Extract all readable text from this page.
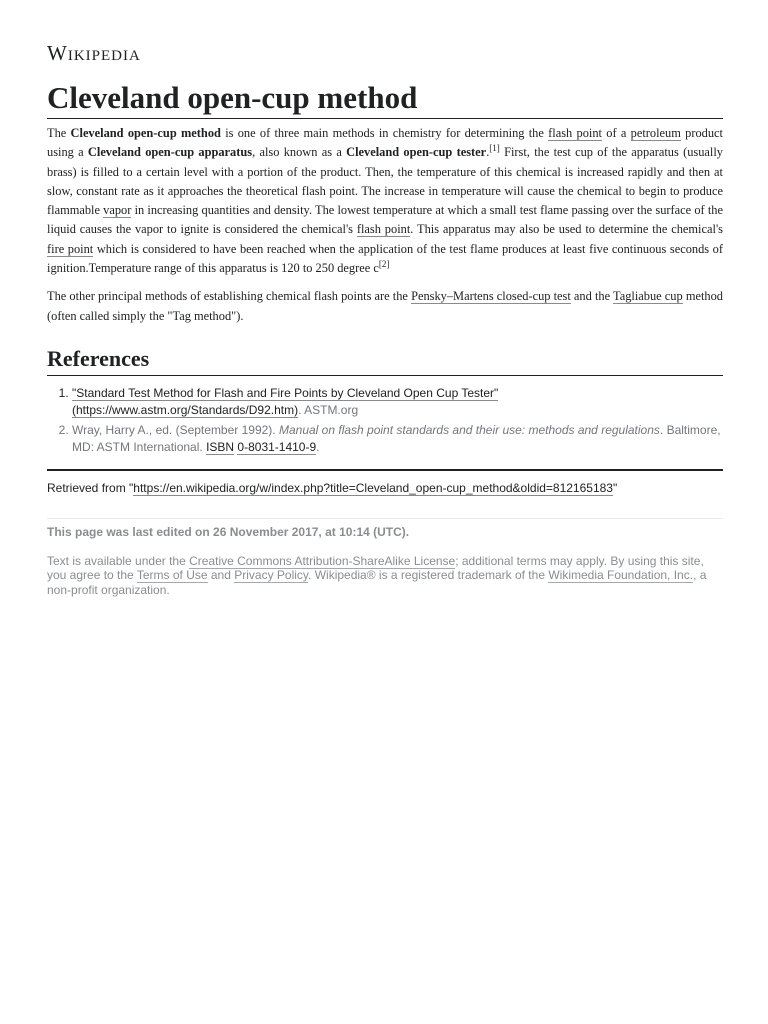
Wikipedia
Cleveland open-cup method

The Cleveland open-cup method is one of three main methods in chemistry for determining the flash point of a petroleum product using a Cleveland open-cup apparatus, also known as a Cleveland open-cup tester.[1] First, the test cup of the apparatus (usually brass) is filled to a certain level with a portion of the product. Then, the temperature of this chemical is increased rapidly and then at slow, constant rate as it approaches the theoretical flash point. The increase in temperature will cause the chemical to begin to produce flammable vapor in increasing quantities and density. The lowest temperature at which a small test flame passing over the surface of the liquid causes the vapor to ignite is considered the chemical's flash point. This apparatus may also be used to determine the chemical's fire point which is considered to have been reached when the application of the test flame produces at least five continuous seconds of ignition.Temperature range of this apparatus is 120 to 250 degree c[2]

The other principal methods of establishing chemical flash points are the Pensky–Martens closed-cup test and the Tagliabue cup method (often called simply the "Tag method").

References
1. "Standard Test Method for Flash and Fire Points by Cleveland Open Cup Tester" (https://www.astm.org/Standards/D92.htm). ASTM.org
2. Wray, Harry A., ed. (September 1992). Manual on flash point standards and their use: methods and regulations. Baltimore, MD: ASTM International. ISBN 0-8031-1410-9.
Retrieved from "https://en.wikipedia.org/w/index.php?title=Cleveland_open-cup_method&oldid=812165183"
This page was last edited on 26 November 2017, at 10:14 (UTC).
Text is available under the Creative Commons Attribution-ShareAlike License; additional terms may apply. By using this site, you agree to the Terms of Use and Privacy Policy. Wikipedia® is a registered trademark of the Wikimedia Foundation, Inc., a non-profit organization.
